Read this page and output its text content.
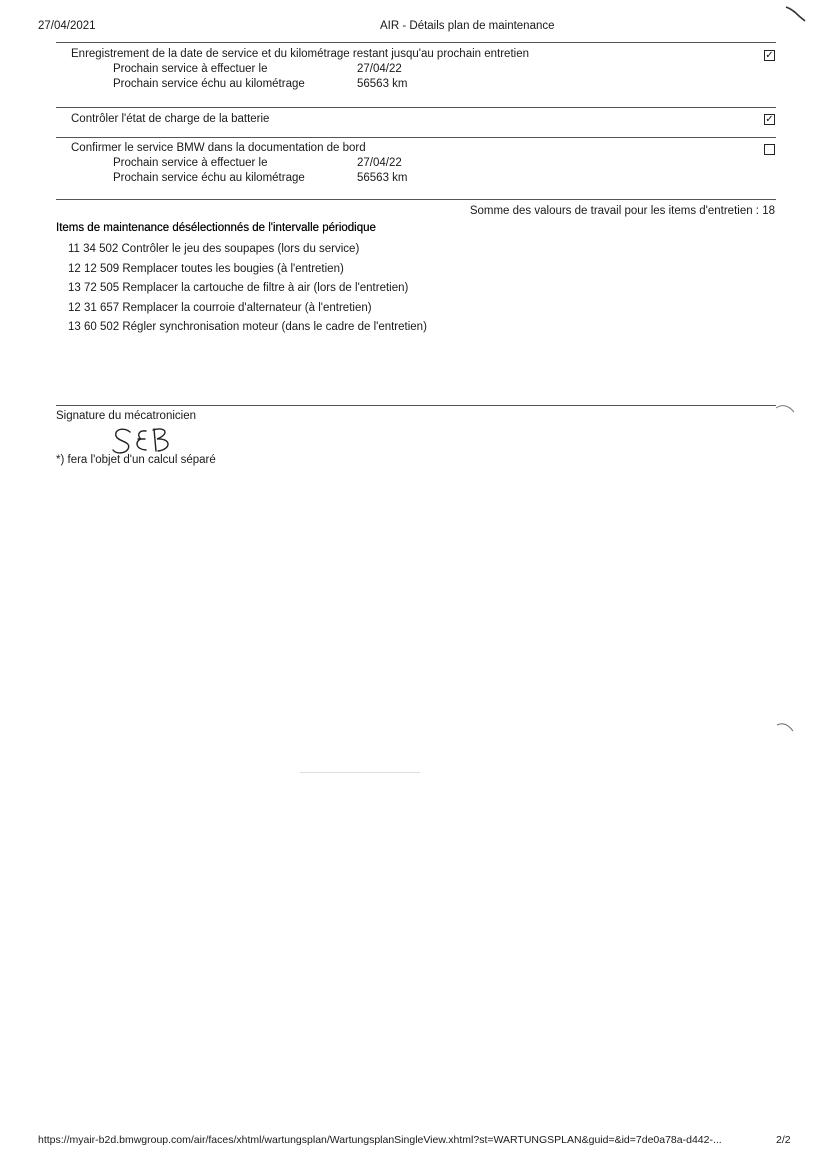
27/04/2021	AIR - Détails plan de maintenance
Enregistrement de la date de service et du kilométrage restant jusqu'au prochain entretien	✓
Prochain service à effectuer le	27/04/22
Prochain service échu au kilométrage	56563 km
Contrôler l'état de charge de la batterie	✓
Confirmer le service BMW dans la documentation de bord
Prochain service à effectuer le	27/04/22
Prochain service échu au kilométrage	56563 km
Somme des valours de travail pour les items d'entretien : 18
Items de maintenance désélectionnés de l'intervalle périodique
11 34 502 Contrôler le jeu des soupapes (lors du service)
12 12 509 Remplacer toutes les bougies (à l'entretien)
13 72 505 Remplacer la cartouche de filtre à air (lors de l'entretien)
12 31 657 Remplacer la courroie d'alternateur (à l'entretien)
13 60 502 Régler synchronisation moteur (dans le cadre de l'entretien)
Signature du mécatronicien
*) fera l'objet d'un calcul séparé
https://myair-b2d.bmwgroup.com/air/faces/xhtml/wartungsplan/WartungsplanSingleView.xhtml?st=WARTUNGSPLAN&guid=&id=7de0a78a-d442-...	2/2
